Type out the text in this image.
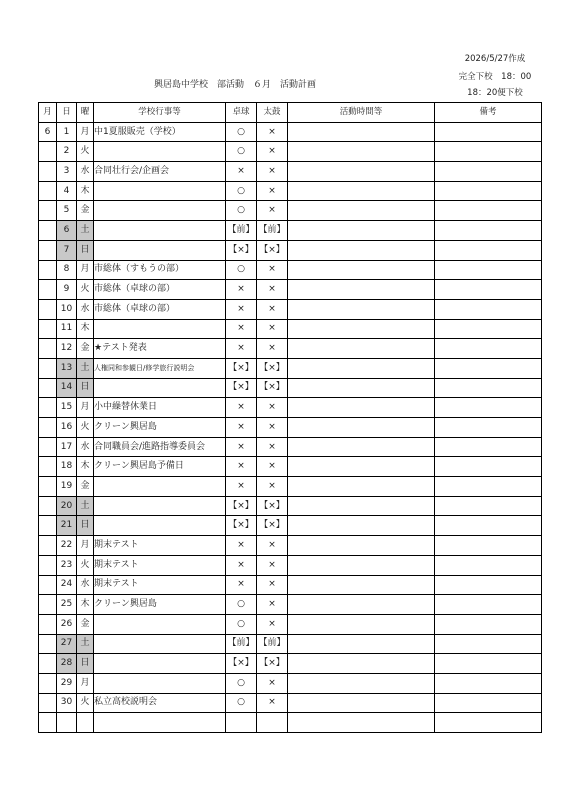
2026/5/27作成
興居島中学校　部活動　６月　活動計画
完全下校　18：00
18：20便下校
月	日	曜	学校行事等	卓球	太鼓	活動時間等	備考
6	1	月	中1夏服販売（学校）	○	×		
	2	火		○	×		
	3	水	合同壮行会/企画会	×	×		
	4	木		○	×		
	5	金		○	×		
	6	土		【前】	【前】		
	7	日		【×】	【×】		
	8	月	市総体（すもうの部）	○	×		
	9	火	市総体（卓球の部）	×	×		
	10	水	市総体（卓球の部）	×	×		
	11	木		×	×		
	12	金	★テスト発表	×	×		
	13	土	人権同和参観日/修学旅行説明会	【×】	【×】		
	14	日		【×】	【×】		
	15	月	小中繰替休業日	×	×		
	16	火	クリーン興居島	×	×		
	17	水	合同職員会/進路指導委員会	×	×		
	18	木	クリーン興居島予備日	×	×		
	19	金		×	×		
	20	土		【×】	【×】		
	21	日		【×】	【×】		
	22	月	期末テスト	×	×		
	23	火	期末テスト	×	×		
	24	水	期末テスト	×	×		
	25	木	クリーン興居島	○	×		
	26	金		○	×		
	27	土		【前】	【前】		
	28	日		【×】	【×】		
	29	月		○	×		
	30	火	私立高校説明会	○	×		
